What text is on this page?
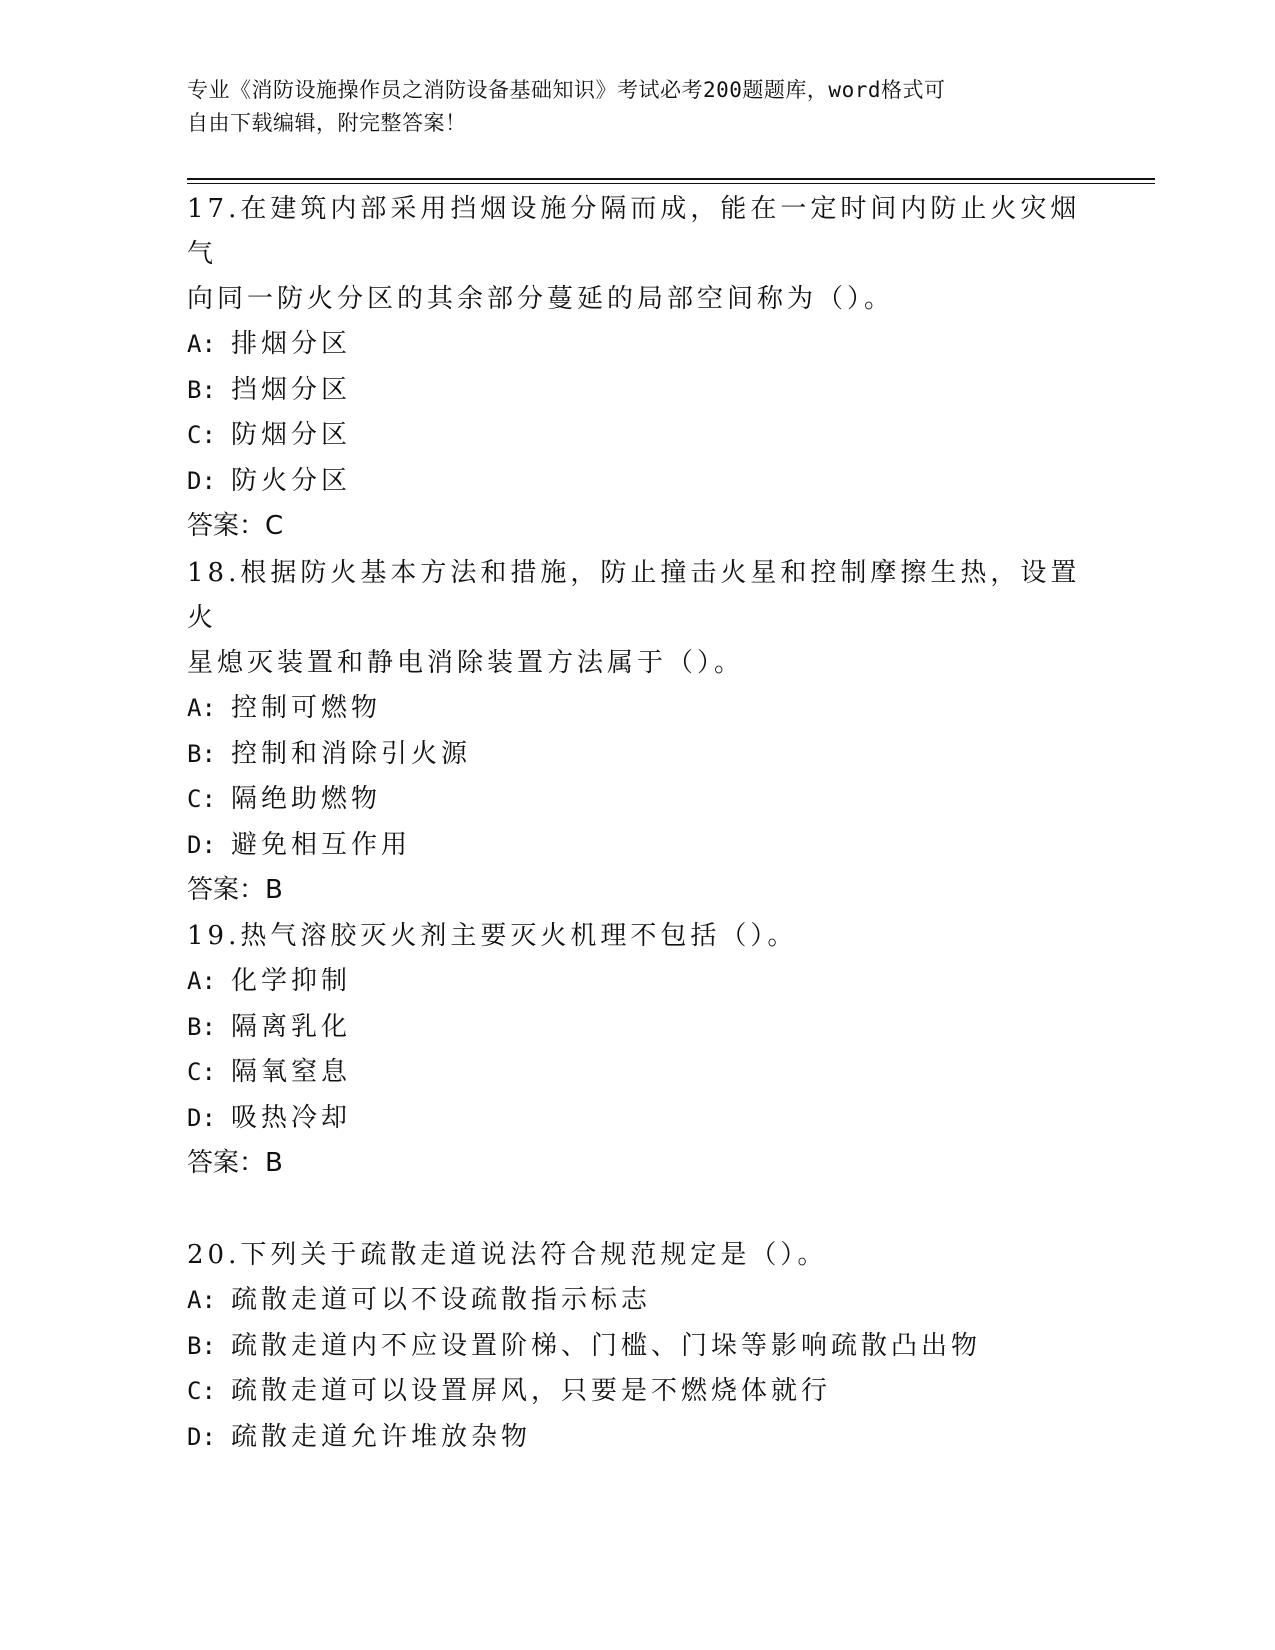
专业《消防设施操作员之消防设备基础知识》考试必考200题题库，word格式可
自由下载编辑，附完整答案！

17.在建筑内部采用挡烟设施分隔而成，能在一定时间内防止火灾烟气

向同一防火分区的其余部分蔓延的局部空间称为（）。

A: 排烟分区

B: 挡烟分区

C: 防烟分区

D: 防火分区

答案：C

18.根据防火基本方法和措施，防止撞击火星和控制摩擦生热，设置火

星熄灭装置和静电消除装置方法属于（）。

A: 控制可燃物

B: 控制和消除引火源

C: 隔绝助燃物

D: 避免相互作用

答案：B

19.热气溶胶灭火剂主要灭火机理不包括（）。

A: 化学抑制

B: 隔离乳化

C: 隔氧窒息

D: 吸热冷却

答案：B

20.下列关于疏散走道说法符合规范规定是（）。

A: 疏散走道可以不设疏散指示标志

B: 疏散走道内不应设置阶梯、门槛、门垛等影响疏散凸出物

C: 疏散走道可以设置屏风，只要是不燃烧体就行

D: 疏散走道允许堆放杂物
